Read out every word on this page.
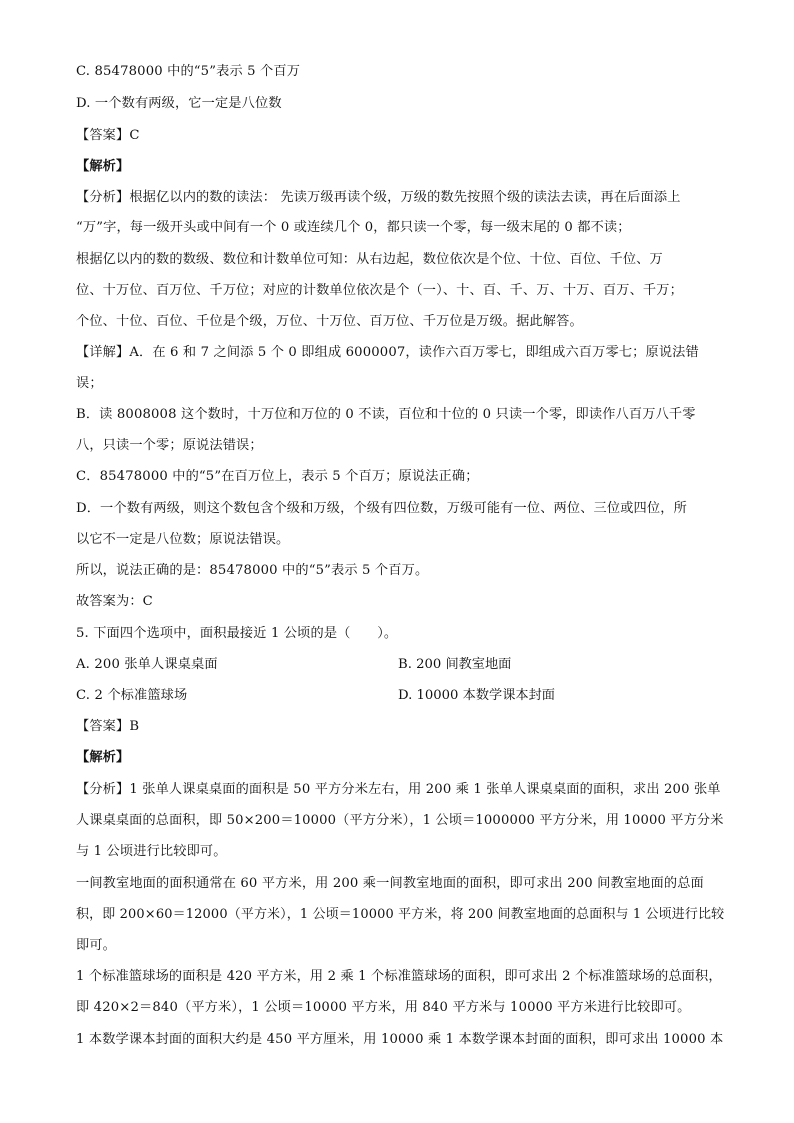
C. 85478000 中的“5”表示 5 个百万
D. 一个数有两级，它一定是八位数
【答案】C
【解析】
【分析】根据亿以内的数的读法： 先读万级再读个级，万级的数先按照个级的读法去读，再在后面添上
“万”字，每一级开头或中间有一个 0 或连续几个 0，都只读一个零，每一级末尾的 0 都不读；
根据亿以内的数的数级、数位和计数单位可知：从右边起，数位依次是个位、十位、百位、千位、万
位、十万位、百万位、千万位；对应的计数单位依次是个（一）、十、百、千、万、十万、百万、千万；
个位、十位、百位、千位是个级，万位、十万位、百万位、千万位是万级。据此解答。
【详解】A．在 6 和 7 之间添 5 个 0 即组成 6000007，读作六百万零七，即组成六百万零七；原说法错
误；
B．读 8008008 这个数时，十万位和万位的 0 不读，百位和十位的 0 只读一个零，即读作八百万八千零
八，只读一个零；原说法错误；
C．85478000 中的“5”在百万位上，表示 5 个百万；原说法正确；
D．一个数有两级，则这个数包含个级和万级，个级有四位数，万级可能有一位、两位、三位或四位，所
以它不一定是八位数；原说法错误。
所以，说法正确的是：85478000 中的“5”表示 5 个百万。
故答案为：C
5. 下面四个选项中，面积最接近 1 公顷的是（　　）。
A. 200 张单人课桌桌面	B. 200 间教室地面
C. 2 个标准篮球场	D. 10000 本数学课本封面
【答案】B
【解析】
【分析】1 张单人课桌桌面的面积是 50 平方分米左右，用 200 乘 1 张单人课桌桌面的面积，求出 200 张单
人课桌桌面的总面积，即 50×200＝10000（平方分米），1 公顷＝1000000 平方分米，用 10000 平方分米
与 1 公顷进行比较即可。
一间教室地面的面积通常在 60 平方米，用 200 乘一间教室地面的面积，即可求出 200 间教室地面的总面
积，即 200×60＝12000（平方米），1 公顷＝10000 平方米，将 200 间教室地面的总面积与 1 公顷进行比较
即可。
1 个标准篮球场的面积是 420 平方米，用 2 乘 1 个标准篮球场的面积，即可求出 2 个标准篮球场的总面积，
即 420×2＝840（平方米），1 公顷＝10000 平方米，用 840 平方米与 10000 平方米进行比较即可。
1 本数学课本封面的面积大约是 450 平方厘米，用 10000 乘 1 本数学课本封面的面积，即可求出 10000 本
